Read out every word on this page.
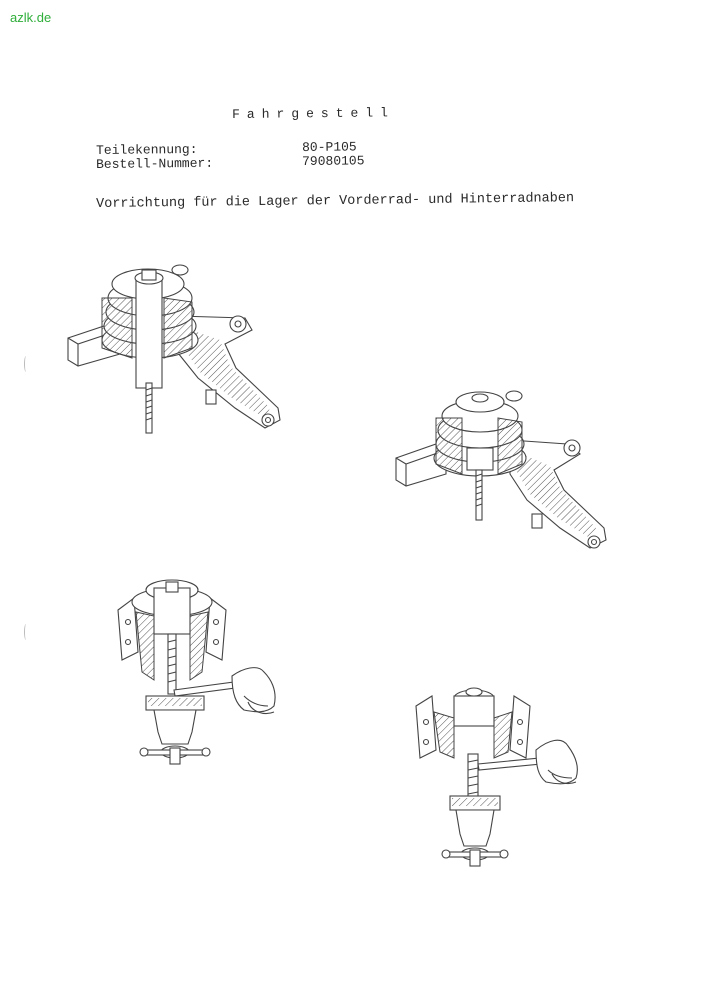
azlk.de
Fahrgestell
Teilekennung:	80-P105
Bestell-Nummer:	79080105
Vorrichtung für die Lager der Vorderrad- und Hinterradnaben
